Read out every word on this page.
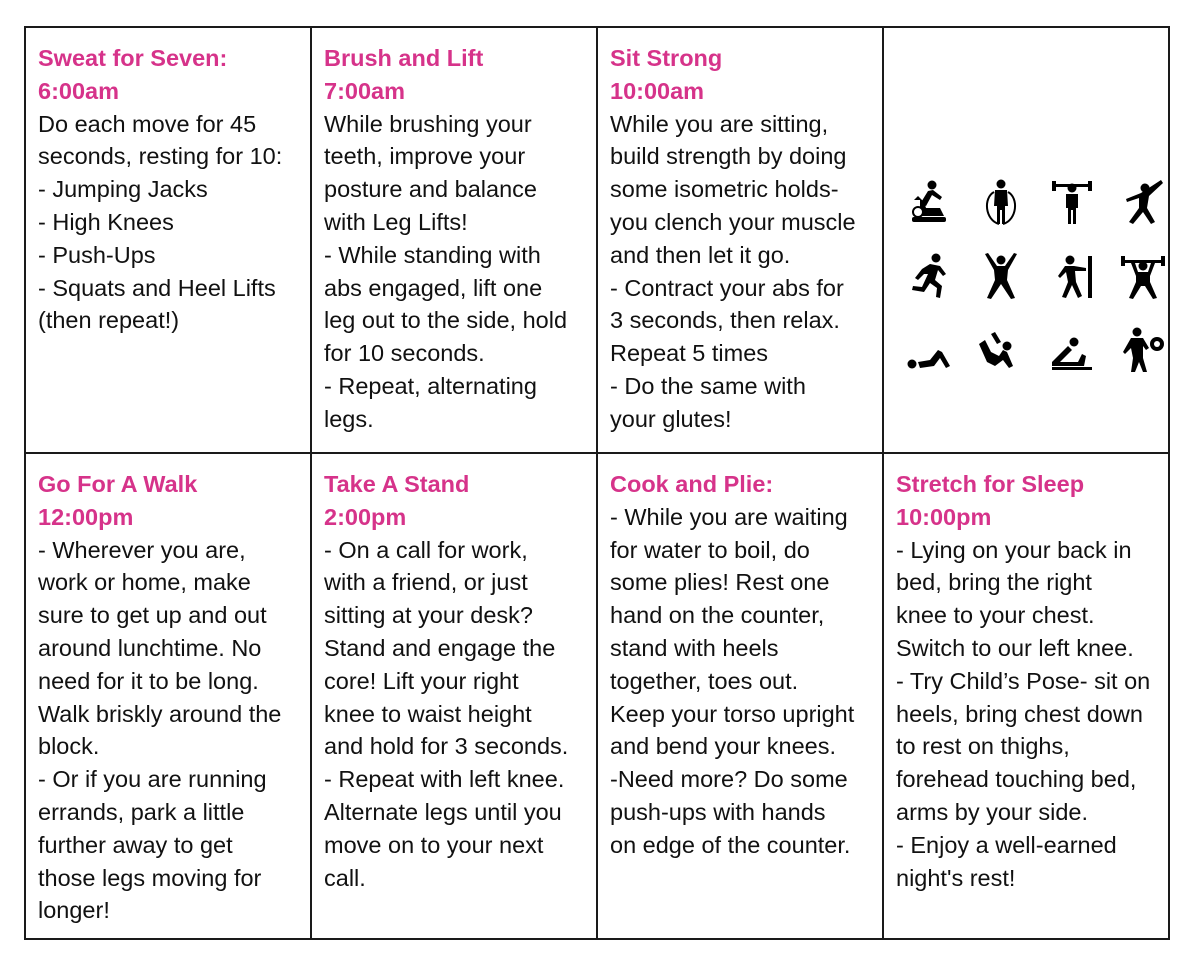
Sweat for Seven:
6:00am
Do each move for 45
seconds, resting for 10:
- Jumping Jacks
- High Knees
- Push-Ups
- Squats and Heel Lifts
(then repeat!)
Brush and Lift
7:00am
While brushing your
teeth, improve your
posture and balance
with Leg Lifts!
- While standing with
abs engaged, lift one
leg out to the side, hold
for 10 seconds.
- Repeat, alternating
legs.
Sit Strong
10:00am
While you are sitting,
build strength by doing
some isometric holds-
you clench your muscle
and then let it go.
- Contract your abs for
3 seconds, then relax.
Repeat 5 times
- Do the same with
your glutes!
Go For A Walk
12:00pm
- Wherever you are,
work or home, make
sure to get up and out
around lunchtime. No
need for it to be long.
Walk briskly around the
block.
- Or if you are running
errands, park a little
further away to get
those legs moving for
longer!
Take A Stand
2:00pm
- On a call for work,
with a friend, or just
sitting at your desk?
Stand and engage the
core! Lift your right
knee to waist height
and hold for 3 seconds.
- Repeat with left knee.
Alternate legs until you
move on to your next
call.
Cook and Plie:
- While you are waiting
for water to boil, do
some plies! Rest one
hand on the counter,
stand with heels
together, toes out.
Keep your torso upright
and bend your knees.
-Need more? Do some
push-ups with hands
on edge of the counter.
Stretch for Sleep
10:00pm
- Lying on your back in
bed, bring the right
knee to your chest.
Switch to our left knee.
- Try Child’s Pose- sit on
heels, bring chest down
to rest on thighs,
forehead touching bed,
arms by your side.
- Enjoy a well-earned
night's rest!
